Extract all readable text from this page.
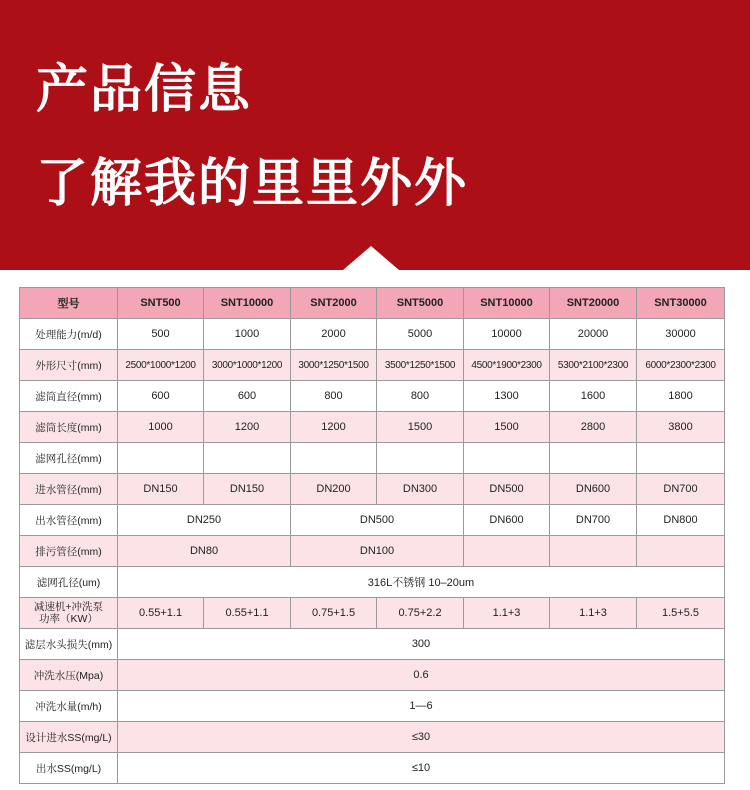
产品信息
了解我的里里外外
型号	SNT500	SNT10000	SNT2000	SNT5000	SNT10000	SNT20000	SNT30000
处理能力(m/d)	500	1000	2000	5000	10000	20000	30000
外形尺寸(mm)	2500*1000*1200	3000*1000*1200	3000*1250*1500	3500*1250*1500	4500*1900*2300	5300*2100*2300	6000*2300*2300
滤筒直径(mm)	600	600	800	800	1300	1600	1800
滤筒长度(mm)	1000	1200	1200	1500	1500	2800	3800
滤网孔径(mm)							
进水管径(mm)	DN150	DN150	DN200	DN300	DN500	DN600	DN700
出水管径(mm)	DN250		DN500		DN600	DN700	DN800
排污管径(mm)	DN80		DN100				
滤网孔径(um)	316L不锈钢 10–20um						
减速机+冲洗泵
功率（KW）	0.55+1.1	0.55+1.1	0.75+1.5	0.75+2.2	1.1+3	1.1+3	1.5+5.5
滤层水头损失(mm)	300						
冲洗水压(Mpa)	0.6						
冲洗水量(m/h)	1—6						
设计进水SS(mg/L)	≤30						
出水SS(mg/L)	≤10						
